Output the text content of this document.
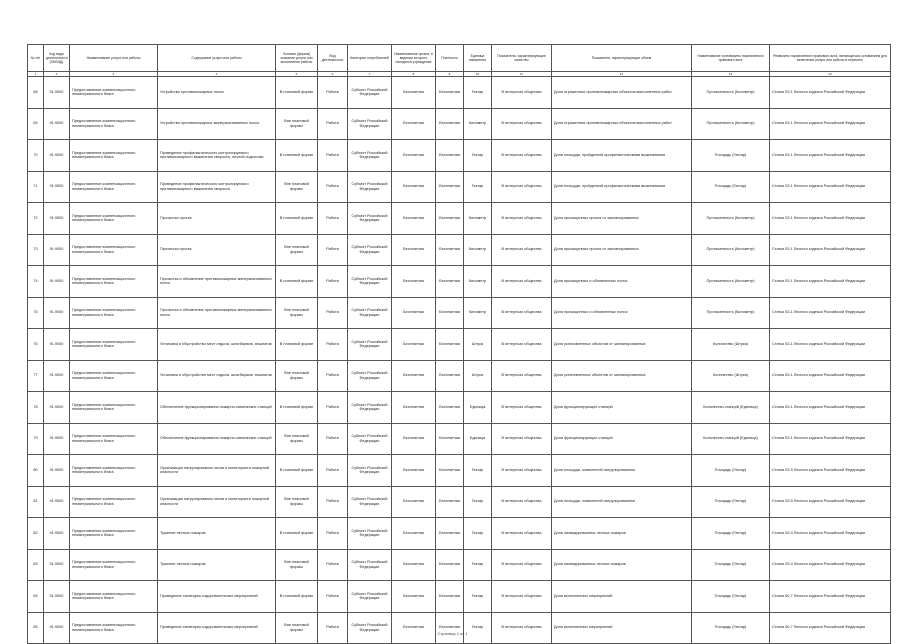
№ п/п	Код вида деятельности (ОКВЭД)	Наименование услуги или работы	Содержание услуги или работы	Условия (формы) оказания услуги или выполнения работы	Вид деятельности	Категории потребителей	Наименование органа, в ведении которого находится учреждение	Платность	Единица измерения	Показатели, характеризующие качество	Показатели, характеризующие объем	Наименование и реквизиты нормативного правового акта	Реквизиты нормативного правового акта, являющегося основанием для включения услуги или работы в перечень
1	2	3	4	5	6	7	8	9	10	11	12	13	14
68	91.9000	Предоставление компенсационного нематериального блага	Устройство противопожарных полос	В плановой форме	Работа	Субъект Российской Федерации	Бесплатная	Бесплатная	Гектар	В интересах общества	Доля отраженных противопожарных объектов выполненных работ	Протяженность (Километр)	Статья 53.1 Лесного кодекса Российской Федерации
69	91.9000	Предоставление компенсационного нематериального блага	Устройство противопожарных минерализованных полос	Вне плановой формы	Работа	Субъект Российской Федерации	Бесплатная	Бесплатная	Километр	В интересах общества	Доля отраженных противопожарных объектов выполненных работ	Протяженность (Километр)	Статья 53.1 Лесного кодекса Российской Федерации
70	91.9000	Предоставление компенсационного нематериального блага	Проведение профилактического контролируемого противопожарного выжигания хвороста, лесной подстилки	В плановой форме	Работа	Субъект Российской Федерации	Бесплатная	Бесплатная	Гектар	В интересах общества	Доля площади, пройденной профилактическими выжиганиями	Площадь (Гектар)	Статья 53.1 Лесного кодекса Российской Федерации
71	91.9000	Предоставление компенсационного нематериального блага	Проведение профилактического контролируемого противопожарного выжигания хвороста	Вне плановой формы	Работа	Субъект Российской Федерации	Бесплатная	Бесплатная	Гектар	В интересах общества	Доля площади, пройденной профилактическими выжиганиями	Площадь (Гектар)	Статья 53.1 Лесного кодекса Российской Федерации
72	91.9000	Предоставление компенсационного нематериального блага	Прочистка просек	В плановой форме	Работа	Субъект Российской Федерации	Бесплатная	Бесплатная	Километр	В интересах общества	Доля прочищенных просек от запланированных	Протяженность (Километр)	Статья 53.1 Лесного кодекса Российской Федерации
73	91.9000	Предоставление компенсационного нематериального блага	Прочистка просек	Вне плановой формы	Работа	Субъект Российской Федерации	Бесплатная	Бесплатная	Километр	В интересах общества	Доля прочищенных просек от запланированных	Протяженность (Километр)	Статья 53.1 Лесного кодекса Российской Федерации
74	91.9000	Предоставление компенсационного нематериального блага	Прочистка и обновление противопожарных минерализованных полос	В плановой форме	Работа	Субъект Российской Федерации	Бесплатная	Бесплатная	Километр	В интересах общества	Доля прочищенных и обновленных полос	Протяженность (Километр)	Статья 53.1 Лесного кодекса Российской Федерации
75	91.9000	Предоставление компенсационного нематериального блага	Прочистка и обновление противопожарных минерализованных полос	Вне плановой формы	Работа	Субъект Российской Федерации	Бесплатная	Бесплатная	Километр	В интересах общества	Доля прочищенных и обновленных полос	Протяженность (Километр)	Статья 53.1 Лесного кодекса Российской Федерации
76	91.9000	Предоставление компенсационного нематериального блага	Установка и обустройство мест отдыха, шлагбаумов, аншлагов	В плановой форме	Работа	Субъект Российской Федерации	Бесплатная	Бесплатная	Штука	В интересах общества	Доля установленных объектов от запланированных	Количество (Штука)	Статья 53.1 Лесного кодекса Российской Федерации
77	91.9000	Предоставление компенсационного нематериального блага	Установка и обустройство мест отдыха, шлагбаумов, аншлагов	Вне плановой формы	Работа	Субъект Российской Федерации	Бесплатная	Бесплатная	Штука	В интересах общества	Доля установленных объектов от запланированных	Количество (Штука)	Статья 53.1 Лесного кодекса Российской Федерации
78	91.9000	Предоставление компенсационного нематериального блага	Обеспечение функционирования пожарно-химических станций	В плановой форме	Работа	Субъект Российской Федерации	Бесплатная	Бесплатная	Единица	В интересах общества	Доля функционирующих станций	Количество станций (Единица)	Статья 53.1 Лесного кодекса Российской Федерации
79	91.9000	Предоставление компенсационного нематериального блага	Обеспечение функционирования пожарно-химических станций	Вне плановой формы	Работа	Субъект Российской Федерации	Бесплатная	Бесплатная	Единица	В интересах общества	Доля функционирующих станций	Количество станций (Единица)	Статья 53.1 Лесного кодекса Российской Федерации
80	91.9000	Предоставление компенсационного нематериального блага	Организация патрулирования лесов и мониторинга пожарной опасности	В плановой форме	Работа	Субъект Российской Федерации	Бесплатная	Бесплатная	Гектар	В интересах общества	Доля площади, охваченной патрулированием	Площадь (Гектар)	Статья 53.5 Лесного кодекса Российской Федерации
81	91.9000	Предоставление компенсационного нематериального блага	Организация патрулирования лесов и мониторинга пожарной опасности	Вне плановой формы	Работа	Субъект Российской Федерации	Бесплатная	Бесплатная	Гектар	В интересах общества	Доля площади, охваченной патрулированием	Площадь (Гектар)	Статья 53.5 Лесного кодекса Российской Федерации
82	91.9000	Предоставление компенсационного нематериального блага	Тушение лесных пожаров	В плановой форме	Работа	Субъект Российской Федерации	Бесплатная	Бесплатная	Гектар	В интересах общества	Доля ликвидированных лесных пожаров	Площадь (Гектар)	Статья 53.4 Лесного кодекса Российской Федерации
83	91.9000	Предоставление компенсационного нематериального блага	Тушение лесных пожаров	Вне плановой формы	Работа	Субъект Российской Федерации	Бесплатная	Бесплатная	Гектар	В интересах общества	Доля ликвидированных лесных пожаров	Площадь (Гектар)	Статья 53.4 Лесного кодекса Российской Федерации
84	91.9000	Предоставление компенсационного нематериального блага	Проведение санитарно-оздоровительных мероприятий	В плановой форме	Работа	Субъект Российской Федерации	Бесплатная	Бесплатная	Гектар	В интересах общества	Доля выполненных мероприятий	Площадь (Гектар)	Статья 60.7 Лесного кодекса Российской Федерации
85	91.9000	Предоставление компенсационного нематериального блага	Проведение санитарно-оздоровительных мероприятий	Вне плановой формы	Работа	Субъект Российской Федерации	Бесплатная	Бесплатная	Гектар	В интересах общества	Доля выполненных мероприятий	Площадь (Гектар)	Статья 60.7 Лесного кодекса Российской Федерации
Страница 1 из 1
